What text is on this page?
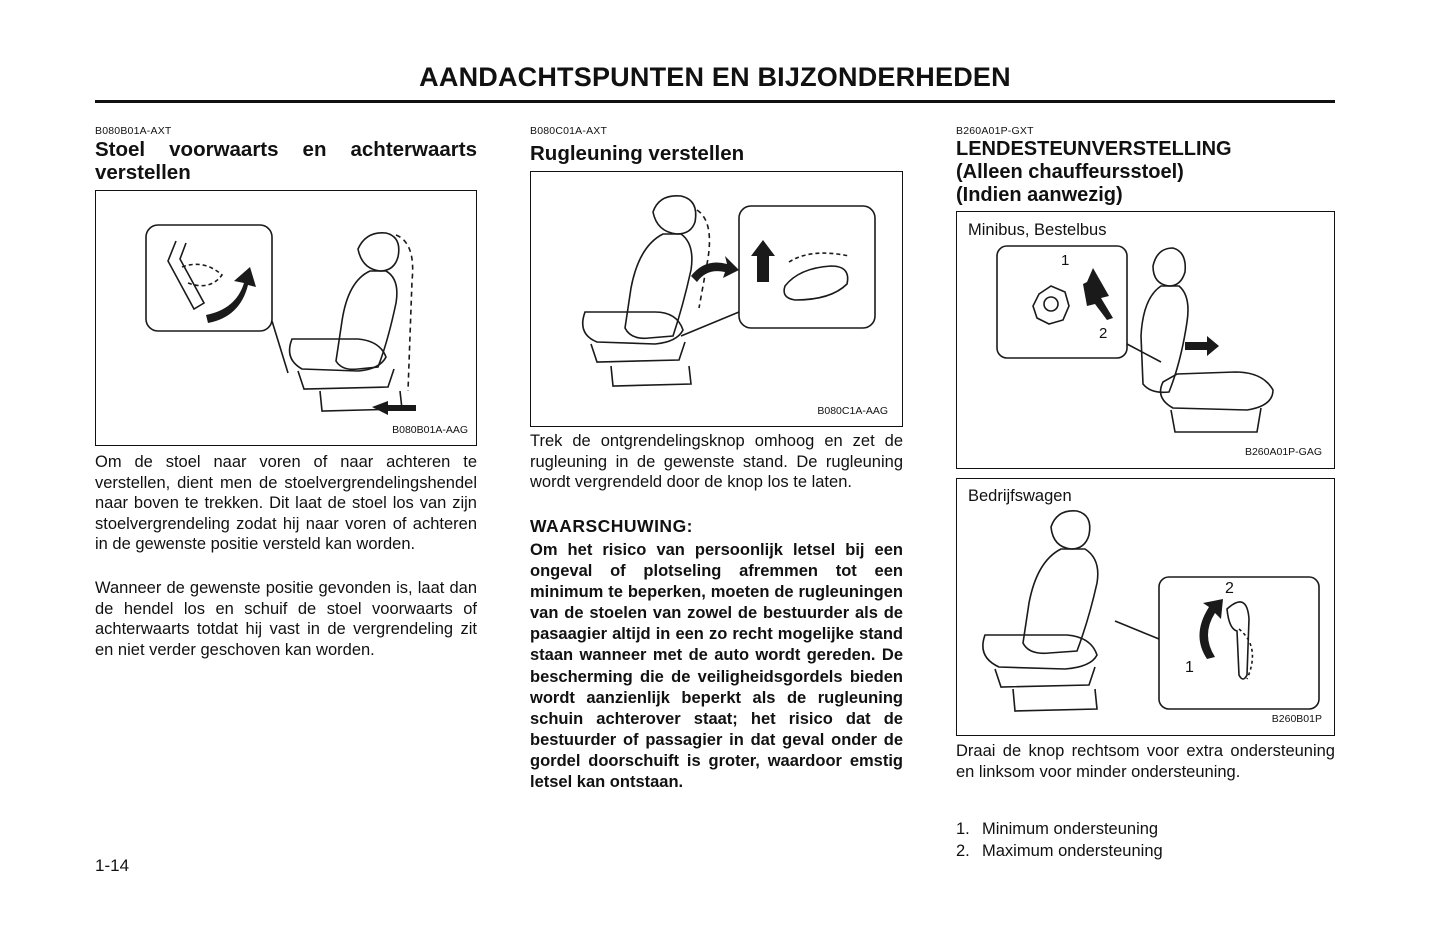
AANDACHTSPUNTEN EN BIJZONDERHEDEN
B080B01A-AXT
Stoel voorwaarts en achterwaarts
verstellen
B080B01A-AAG

Om de stoel naar voren of naar achteren te verstellen, dient men de stoelvergrendelingshendel naar boven te trekken. Dit laat de stoel los van zijn stoelvergrendeling zodat hij naar voren of achteren in de gewenste positie versteld kan worden.

Wanneer de gewenste positie gevonden is, laat dan de hendel los en schuif de stoel voorwaarts of achterwaarts totdat hij vast in de vergrendeling zit en niet verder geschoven kan worden.

B080C01A-AXT
Rugleuning verstellen
B080C1A-AAG

Trek de ontgrendelingsknop omhoog en zet de rugleuning in de gewenste stand. De rugleuning wordt vergrendeld door de knop los te laten.

WAARSCHUWING:

Om het risico van persoonlijk letsel bij een ongeval of plotseling afremmen tot een minimum te beperken, moeten de rugleuningen van de stoelen van zowel de bestuurder als de pasaagier altijd in een zo recht mogelijke stand staan wanneer met de auto wordt gereden. De bescherming die de veiligheidsgordels bieden wordt aanzienlijk beperkt als de rugleuning schuin achterover staat; het risico dat de bestuurder of passagier in dat geval onder de gordel doorschuift is groter, waardoor emstig letsel kan ontstaan.

B260A01P-GXT
LENDESTEUNVERSTELLING
(Alleen chauffeursstoel)
(Indien aanwezig)
Minibus, Bestelbus
1
2
B260A01P-GAG
Bedrijfswagen
2
1
B260B01P

Draai de knop rechtsom voor extra ondersteuning en linksom voor minder ondersteuning.

1. Minimum ondersteuning
2. Maximum ondersteuning
1-14
